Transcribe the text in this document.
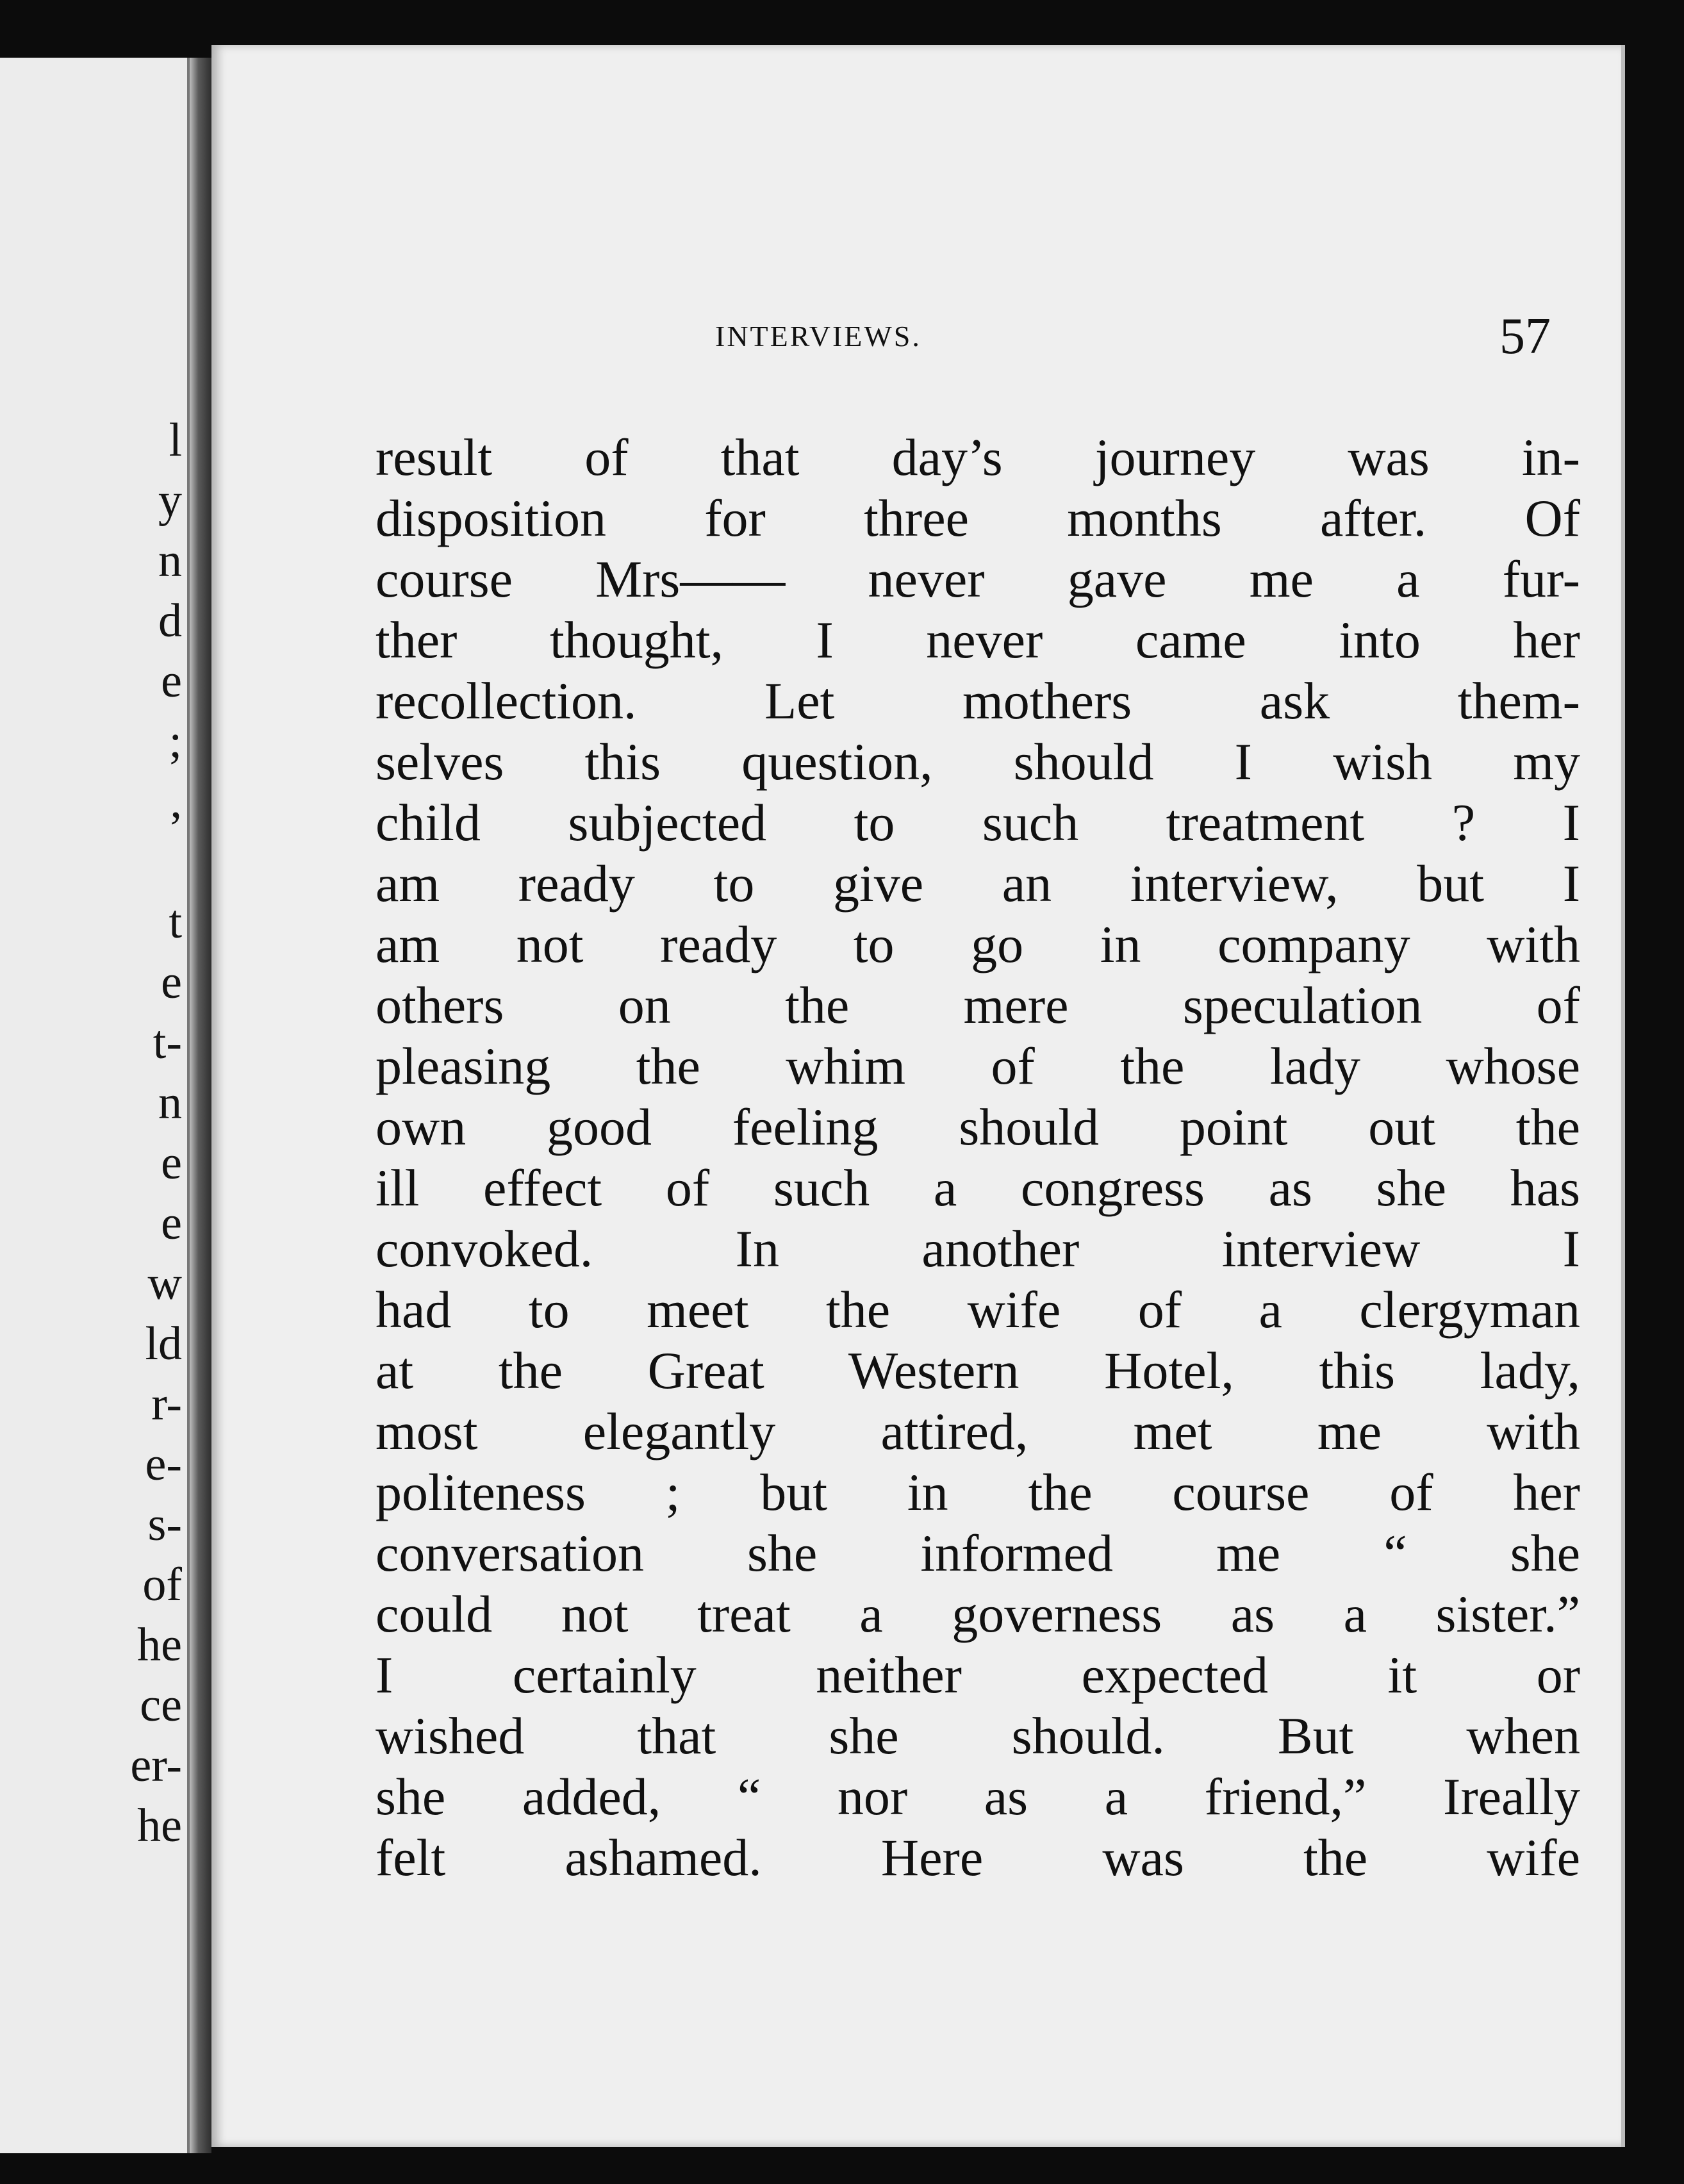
l
y
n
d
e
;
,
t
e
t-
n
e
e
w
ld
r-
e-
s-
of
he
ce
er-
he
INTERVIEWS.	57
result of that day’s journey was in-
disposition for three months after. Of
course Mrs—— never gave me a fur-
ther thought, I never came into her
recollection. Let mothers ask them-
selves this question, should I wish my
child subjected to such treatment ? I
am ready to give an interview, but I
am not ready to go in company with
others on the mere speculation of
pleasing the whim of the lady whose
own good feeling should point out the
ill effect of such a congress as she has
convoked. In another interview I
had to meet the wife of a clergyman
at the Great Western Hotel, this lady,
most elegantly attired, met me with
politeness ; but in the course of her
conversation she informed me “ she
could not treat a governess as a sister.”
I certainly neither expected it or
wished that she should. But when
she added, “ nor as a friend,” Ireally
felt ashamed. Here was the wife
